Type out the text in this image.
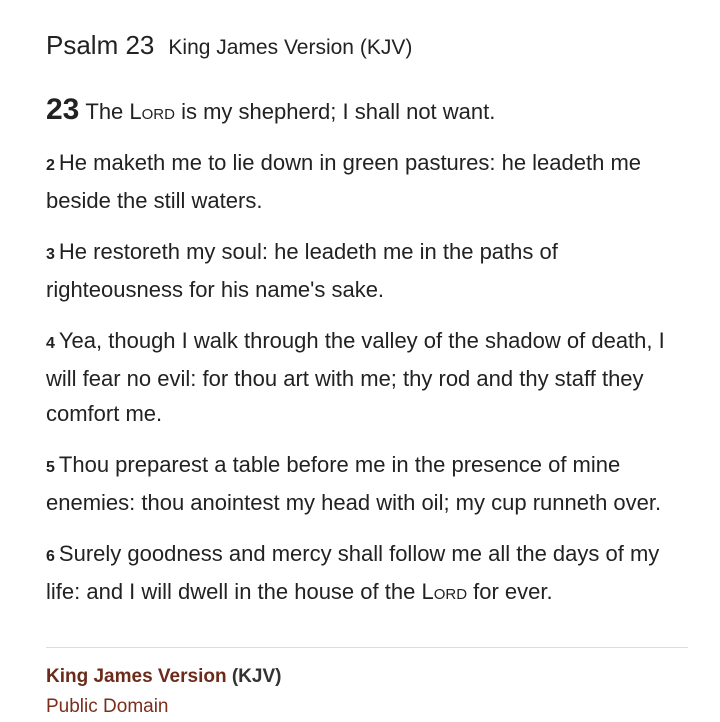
Psalm 23 King James Version (KJV)

23 The Lord is my shepherd; I shall not want.

2 He maketh me to lie down in green pastures: he leadeth me beside the still waters.

3 He restoreth my soul: he leadeth me in the paths of righteousness for his name's sake.

4 Yea, though I walk through the valley of the shadow of death, I will fear no evil: for thou art with me; thy rod and thy staff they comfort me.

5 Thou preparest a table before me in the presence of mine enemies: thou anointest my head with oil; my cup runneth over.

6 Surely goodness and mercy shall follow me all the days of my life: and I will dwell in the house of the Lord for ever.

King James Version (KJV)
Public Domain
